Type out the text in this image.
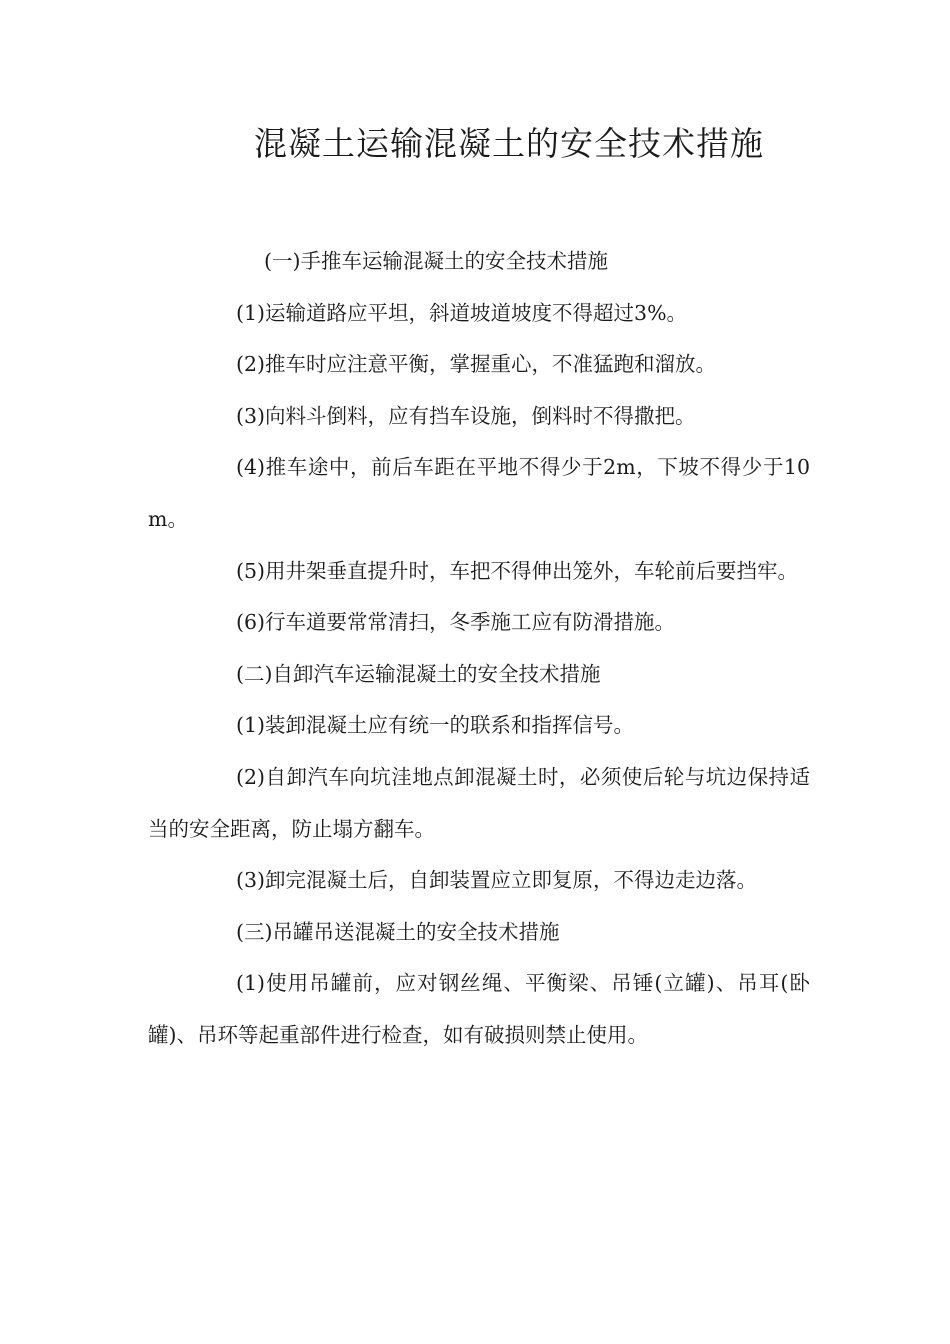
混凝土运输混凝土的安全技术措施

(一)手推车运输混凝土的安全技术措施

(1)运输道路应平坦，斜道坡道坡度不得超过3%。

(2)推车时应注意平衡，掌握重心，不准猛跑和溜放。

(3)向料斗倒料，应有挡车设施，倒料时不得撒把。

(4)推车途中，前后车距在平地不得少于2m，下坡不得少于10m。

(5)用井架垂直提升时，车把不得伸出笼外，车轮前后要挡牢。

(6)行车道要常常清扫，冬季施工应有防滑措施。

(二)自卸汽车运输混凝土的安全技术措施

(1)装卸混凝土应有统一的联系和指挥信号。

(2)自卸汽车向坑洼地点卸混凝土时，必须使后轮与坑边保持适当的安全距离，防止塌方翻车。

(3)卸完混凝土后，自卸装置应立即复原，不得边走边落。

(三)吊罐吊送混凝土的安全技术措施

(1)使用吊罐前，应对钢丝绳、平衡梁、吊锤(立罐)、吊耳(卧罐)、吊环等起重部件进行检查，如有破损则禁止使用。
